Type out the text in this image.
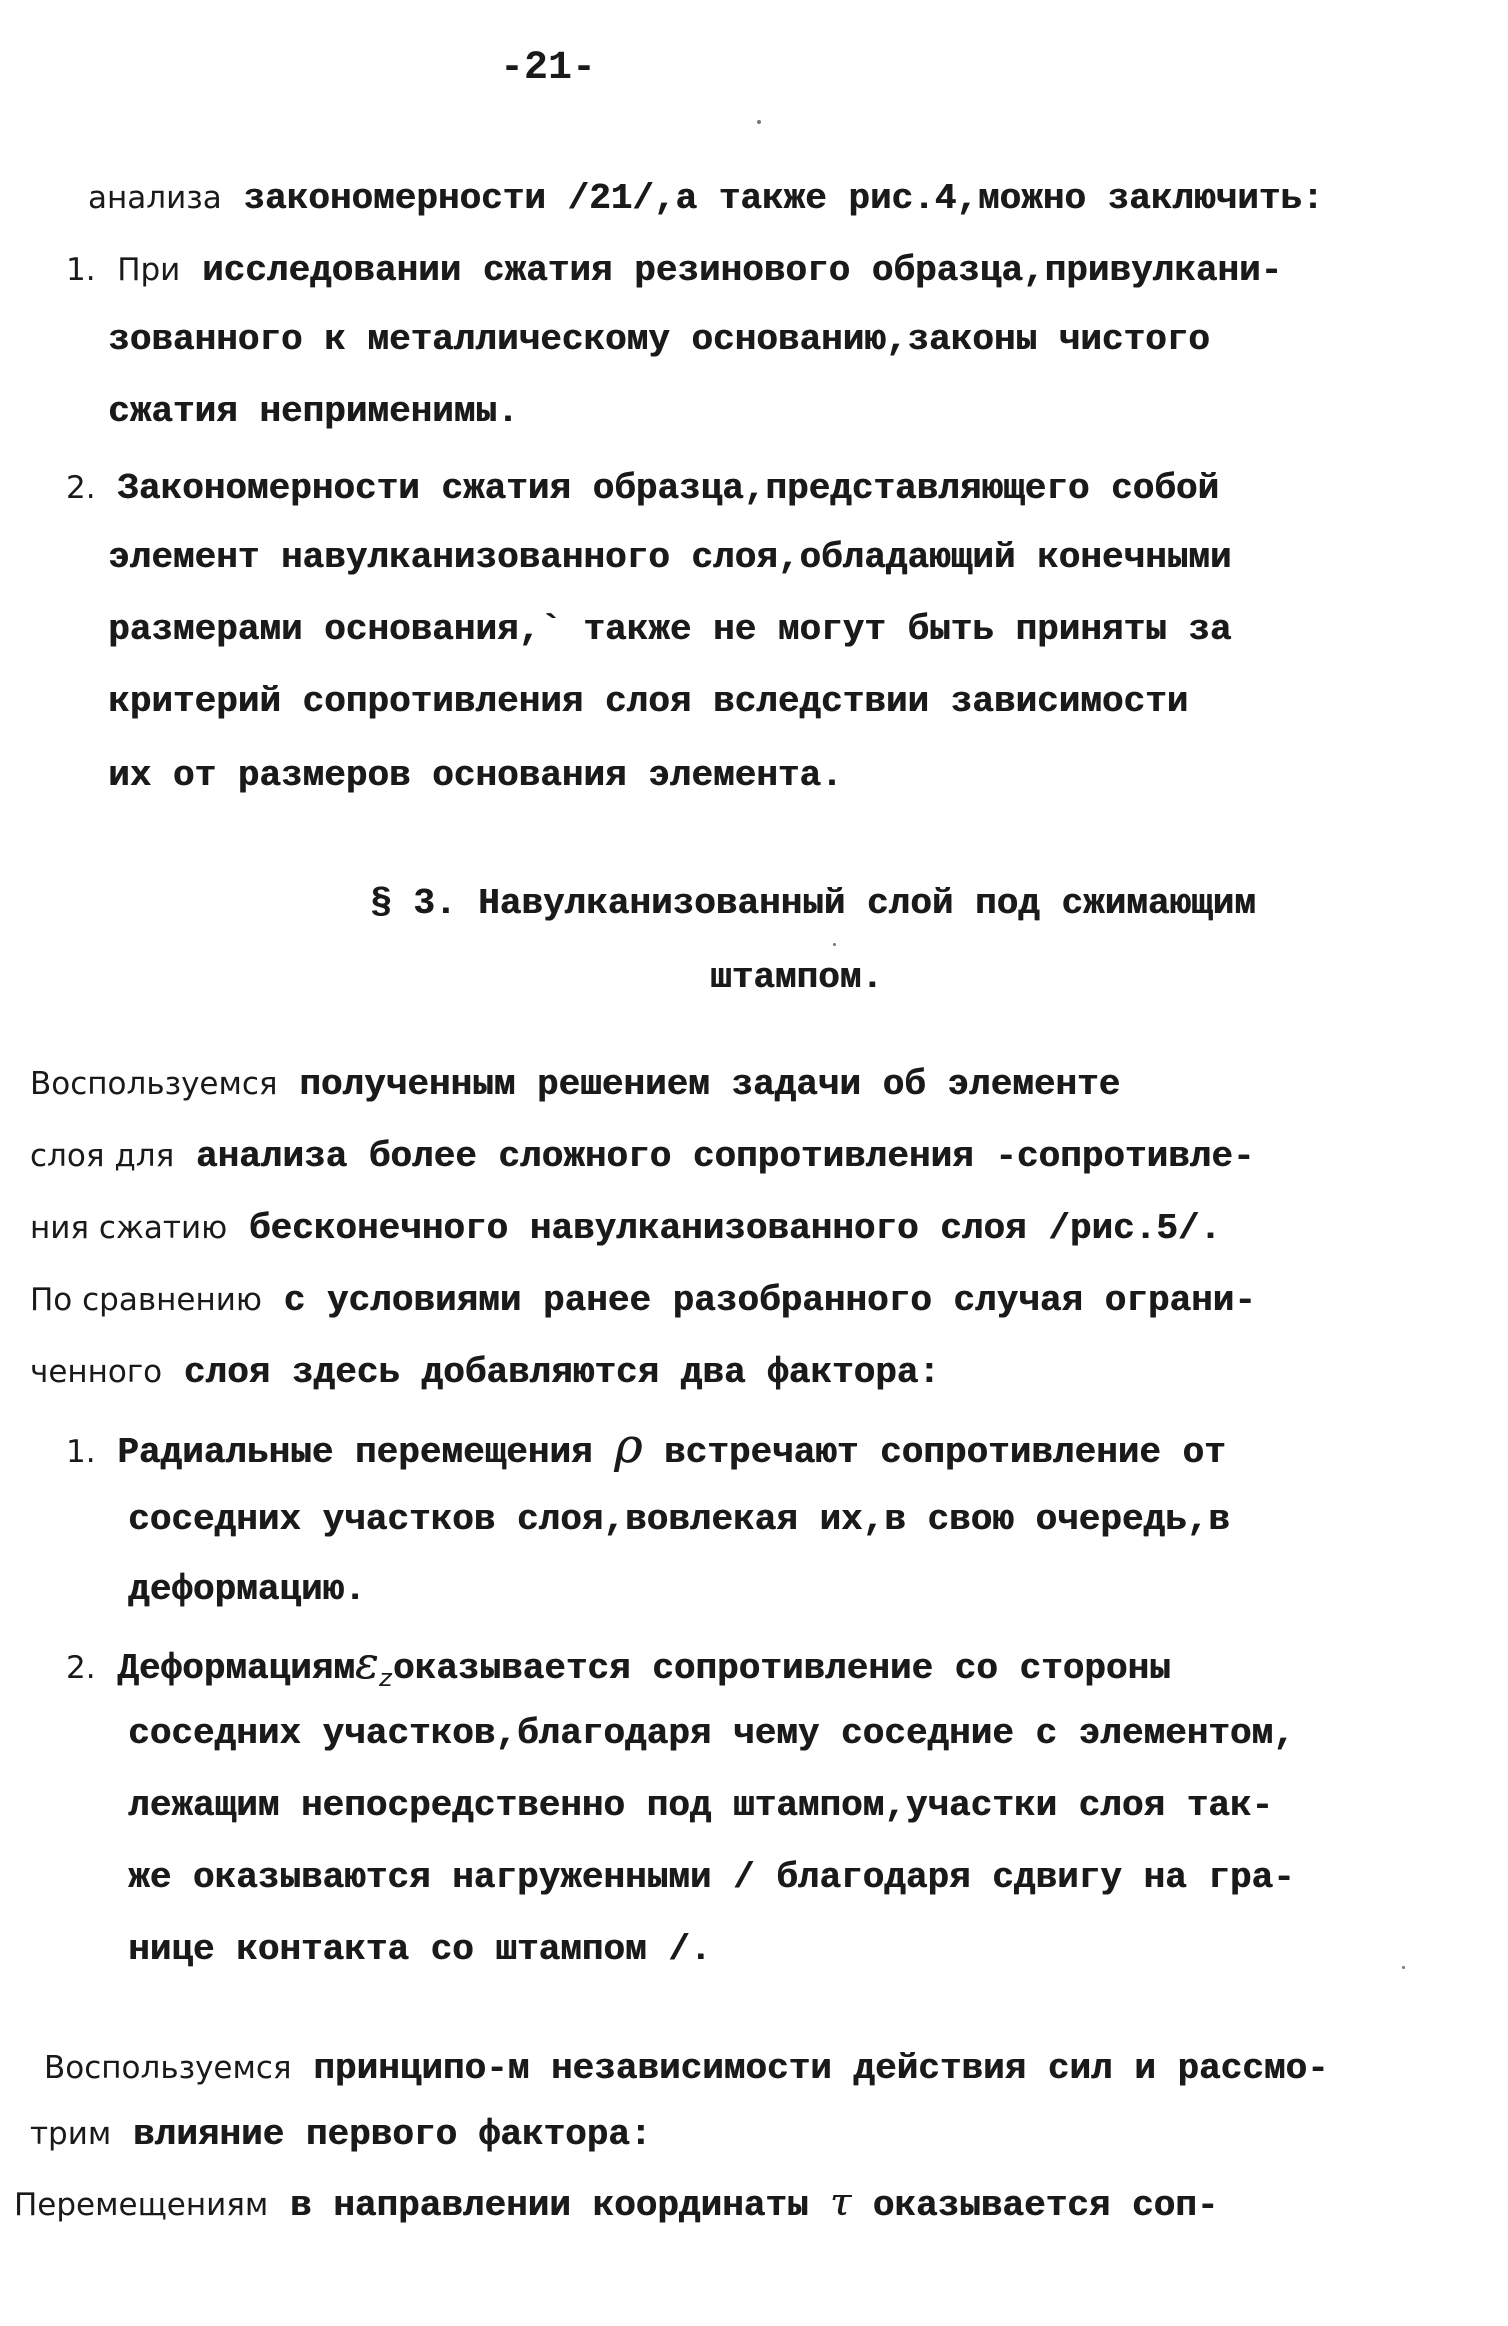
-21-
анализа закономерности /21/,а также рис.4,можно заключить:
1. При исследовании сжатия резинового образца,привулкани-
зованного к металлическому основанию,законы чистого
сжатия неприменимы.
2. Закономерности сжатия образца,представляющего собой
элемент навулканизованного слоя,обладающий конечными
размерами основания,` также не могут быть приняты за
критерий сопротивления слоя вследствии зависимости
их от размеров основания элемента.
§ 3. Навулканизованный слой под сжимающим
штампом.
Воспользуемся полученным решением задачи об элементе
слоя для анализа более сложного сопротивления -сопротивле-
ния сжатию бесконечного навулканизованного слоя /рис.5/.
По сравнению с условиями ранее разобранного случая ограни-
ченного слоя здесь добавляются два фактора:
1. Радиальные перемещения ρ встречают сопротивление от
соседних участков слоя,вовлекая их,в свою очередь,в
деформацию.
2. Деформациямε$_z$оказывается сопротивление со стороны
соседних участков,благодаря чему соседние с элементом,
лежащим непосредственно под штампом,участки слоя так-
же оказываются нагруженными / благодаря сдвигу на гра-
нице контакта со штампом /.
Воспользуемся принципо-м независимости действия сил и рассмо-
трим влияние первого фактора:
Перемещениям в направлении координаты τ оказывается соп-
